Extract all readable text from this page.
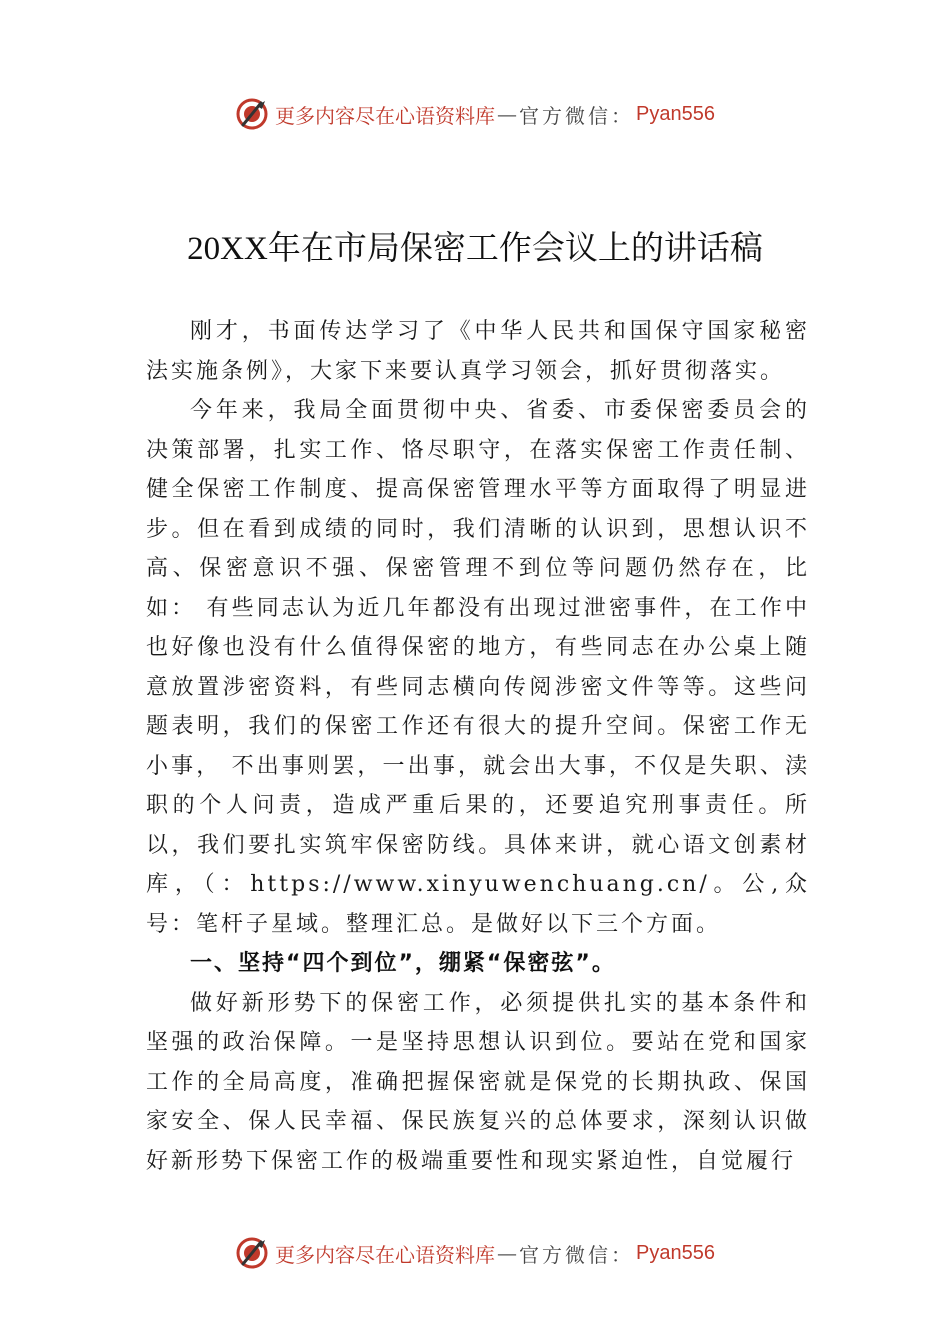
更多内容尽在心语资料库 — 官方微信： Pyan556
20XX年在市局保密工作会议上的讲话稿

刚才，书面传达学习了《中华人民共和国保守国家秘密法实施条例》，大家下来要认真学习领会，抓好贯彻落实。

今年来，我局全面贯彻中央、省委、市委保密委员会的决策部署，扎实工作、恪尽职守，在落实保密工作责任制、健全保密工作制度、提高保密管理水平等方面取得了明显进步。但在看到成绩的同时，我们清晰的认识到，思想认识不高、保密意识不强、保密管理不到位等问题仍然存在，比如： 有些同志认为近几年都没有出现过泄密事件，在工作中也好像也没有什么值得保密的地方，有些同志在办公桌上随意放置涉密资料，有些同志横向传阅涉密文件等等。这些问题表明，我们的保密工作还有很大的提升空间。保密工作无小事， 不出事则罢，一出事，就会出大事，不仅是失职、渎职的个人问责，造成严重后果的，还要追究刑事责任。所以，我们要扎实筑牢保密防线。具体来讲，就心语文创素材库，（：https://www.xinyuwenchuang.cn/。公,众号：笔杆子星域。整理汇总。是做好以下三个方面。

一、坚持“四个到位”，绷紧“保密弦”。

做好新形势下的保密工作，必须提供扎实的基本条件和坚强的政治保障。一是坚持思想认识到位。要站在党和国家工作的全局高度，准确把握保密就是保党的长期执政、保国家安全、保人民幸福、保民族复兴的总体要求，深刻认识做好新形势下保密工作的极端重要性和现实紧迫性，自觉履行

更多内容尽在心语资料库 — 官方微信： Pyan556
